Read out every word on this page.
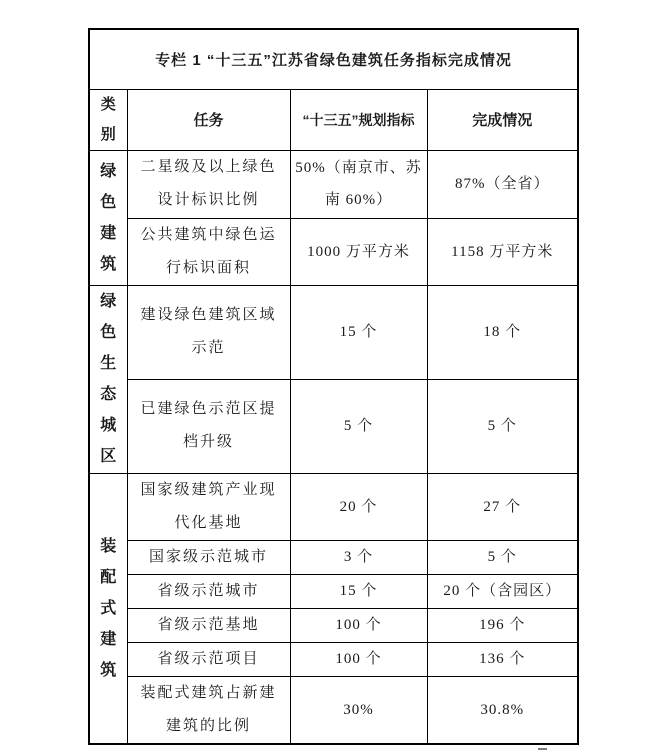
专栏 1 “十三五”江苏省绿色建筑任务指标完成情况			
类别	任务	“十三五”规划指标	完成情况
绿色建筑	二星级及以上绿色设计标识比例	50%（南京市、苏南 60%）	87%（全省）
	公共建筑中绿色运行标识面积	1000 万平方米	1158 万平方米
绿色生态城区	建设绿色建筑区域示范	15 个	18 个
	已建绿色示范区提档升级	5 个	5 个
装配式建筑	国家级建筑产业现代化基地	20 个	27 个
	国家级示范城市	3 个	5 个
	省级示范城市	15 个	20 个（含园区）
	省级示范基地	100 个	196 个
	省级示范项目	100 个	136 个
	装配式建筑占新建建筑的比例	30%	30.8%
